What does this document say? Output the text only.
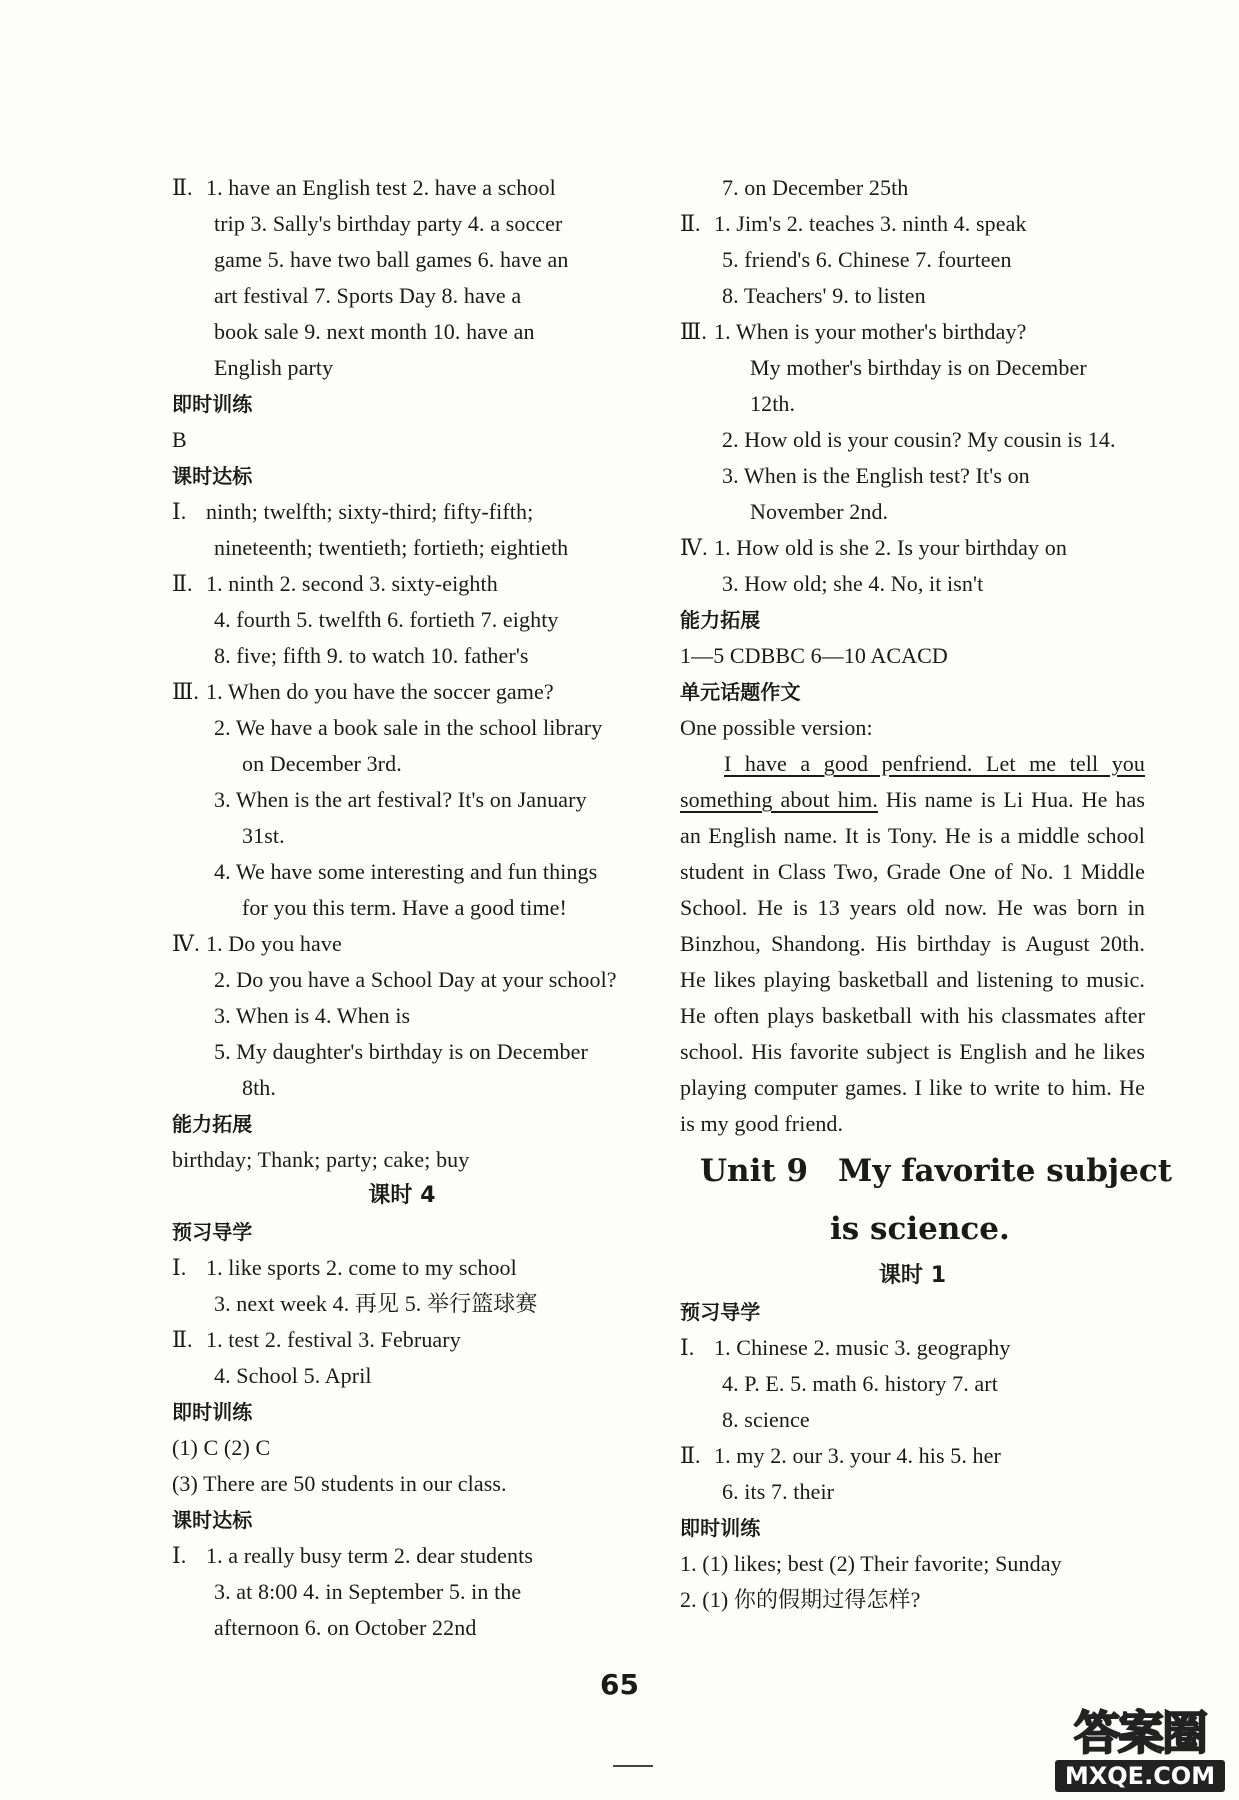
Ⅱ. 1. have an English test 2. have a school
trip 3. Sally's birthday party 4. a soccer
game 5. have two ball games 6. have an
art festival 7. Sports Day 8. have a
book sale 9. next month 10. have an
English party
即时训练
B
课时达标
Ⅰ. ninth; twelfth; sixty-third; fifty-fifth;
nineteenth; twentieth; fortieth; eightieth
Ⅱ. 1. ninth 2. second 3. sixty-eighth
4. fourth 5. twelfth 6. fortieth 7. eighty
8. five; fifth 9. to watch 10. father's
Ⅲ. 1. When do you have the soccer game?
2. We have a book sale in the school library
on December 3rd.
3. When is the art festival? It's on January
31st.
4. We have some interesting and fun things
for you this term. Have a good time!
Ⅳ. 1. Do you have
2. Do you have a School Day at your school?
3. When is 4. When is
5. My daughter's birthday is on December
8th.
能力拓展
birthday; Thank; party; cake; buy
课时 4
预习导学
Ⅰ. 1. like sports 2. come to my school
3. next week 4. 再见 5. 举行篮球赛
Ⅱ. 1. test 2. festival 3. February
4. School 5. April
即时训练
(1) C (2) C
(3) There are 50 students in our class.
课时达标
Ⅰ. 1. a really busy term 2. dear students
3. at 8:00 4. in September 5. in the
afternoon 6. on October 22nd
7. on December 25th
Ⅱ. 1. Jim's 2. teaches 3. ninth 4. speak
5. friend's 6. Chinese 7. fourteen
8. Teachers' 9. to listen
Ⅲ. 1. When is your mother's birthday?
My mother's birthday is on December
12th.
2. How old is your cousin? My cousin is 14.
3. When is the English test? It's on
November 2nd.
Ⅳ. 1. How old is she 2. Is your birthday on
3. How old; she 4. No, it isn't
能力拓展
1—5 CDBBC 6—10 ACACD
单元话题作文
One possible version:
I have a good penfriend. Let me tell you something about him. His name is Li Hua. He has an English name. It is Tony. He is a middle school student in Class Two, Grade One of No. 1 Middle School. He is 13 years old now. He was born in Binzhou, Shandong. His birthday is August 20th. He likes playing basketball and listening to music. He often plays basketball with his classmates after school. His favorite subject is English and he likes playing computer games. I like to write to him. He is my good friend.
Unit 9 My favorite subject
is science.
课时 1
预习导学
Ⅰ. 1. Chinese 2. music 3. geography
4. P. E. 5. math 6. history 7. art
8. science
Ⅱ. 1. my 2. our 3. your 4. his 5. her
6. its 7. their
即时训练
1. (1) likes; best (2) Their favorite; Sunday
2. (1) 你的假期过得怎样?
65
答案圈
MXQE.COM
